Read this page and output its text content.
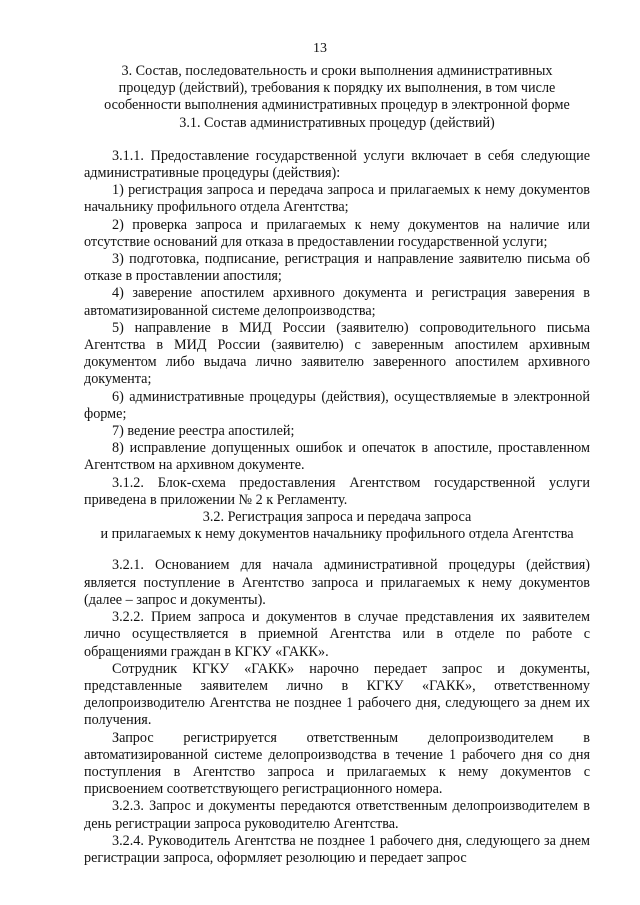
13

3. Состав, последовательность и сроки выполнения административных

процедур (действий), требования к порядку их выполнения, в том числе

особенности выполнения административных процедур в электронной форме

3.1. Состав административных процедур (действий)

3.1.1. Предоставление государственной услуги включает в себя следующие административные процедуры (действия):

1) регистрация запроса и передача запроса и прилагаемых к нему документов начальнику профильного отдела Агентства;

2) проверка запроса и прилагаемых к нему документов на наличие или отсутствие оснований для отказа в предоставлении государственной услуги;

3) подготовка, подписание, регистрация и направление заявителю письма об отказе в проставлении апостиля;

4) заверение апостилем архивного документа и регистрация заверения в автоматизированной системе делопроизводства;

5) направление в МИД России (заявителю) сопроводительного письма Агентства в МИД России (заявителю) с заверенным апостилем архивным документом либо выдача лично заявителю заверенного апостилем архивного документа;

6) административные процедуры (действия), осуществляемые в электронной форме;

7) ведение реестра апостилей;

8) исправление допущенных ошибок и опечаток в апостиле, проставленном Агентством на архивном документе.

3.1.2. Блок-схема предоставления Агентством государственной услуги приведена в приложении № 2 к Регламенту.

3.2. Регистрация запроса и передача запроса

и прилагаемых к нему документов начальнику профильного отдела Агентства

3.2.1. Основанием для начала административной процедуры (действия) является поступление в Агентство запроса и прилагаемых к нему документов (далее – запрос и документы).

3.2.2. Прием запроса и документов в случае представления их заявителем лично осуществляется в приемной Агентства или в отделе по работе с обращениями граждан в КГКУ «ГАКК».

Сотрудник КГКУ «ГАКК» нарочно передает запрос и документы, представленные заявителем лично в КГКУ «ГАКК», ответственному делопроизводителю Агентства не позднее 1 рабочего дня, следующего за днем их получения.

Запрос регистрируется ответственным делопроизводителем в автоматизированной системе делопроизводства в течение 1 рабочего дня со дня поступления в Агентство запроса и прилагаемых к нему документов с присвоением соответствующего регистрационного номера.

3.2.3. Запрос и документы передаются ответственным делопроизводителем в день регистрации запроса руководителю Агентства.

3.2.4. Руководитель Агентства не позднее 1 рабочего дня, следующего за днем регистрации запроса, оформляет резолюцию и передает запрос
